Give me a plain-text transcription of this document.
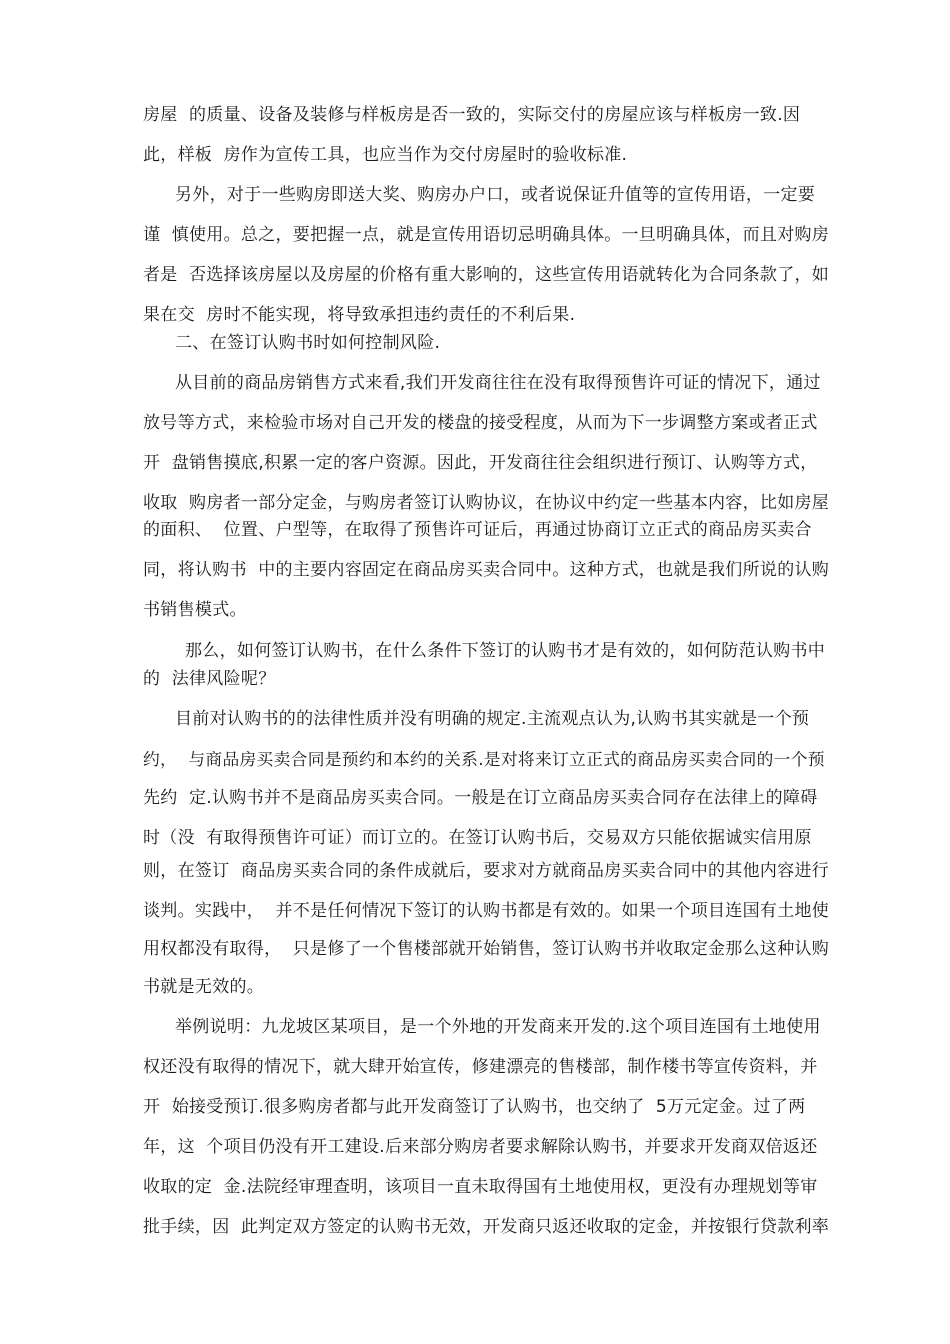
房屋  的质量、设备及装修与样板房是否一致的，实际交付的房屋应该与样板房一致.因
此，样板  房作为宣传工具，也应当作为交付房屋时的验收标准.
另外，对于一些购房即送大奖、购房办户口，或者说保证升值等的宣传用语，一定要
谨  慎使用。总之，要把握一点，就是宣传用语切忌明确具体。一旦明确具体，而且对购房
者是  否选择该房屋以及房屋的价格有重大影响的，这些宣传用语就转化为合同条款了，如
果在交  房时不能实现，将导致承担违约责任的不利后果.
二、在签订认购书时如何控制风险.
从目前的商品房销售方式来看,我们开发商往往在没有取得预售许可证的情况下，通过
放号等方式，来检验市场对自己开发的楼盘的接受程度，从而为下一步调整方案或者正式
开  盘销售摸底,积累一定的客户资源。因此，开发商往往会组织进行预订、认购等方式，
收取  购房者一部分定金，与购房者签订认购协议，在协议中约定一些基本内容，比如房屋
的面积、  位置、户型等，在取得了预售许可证后，再通过协商订立正式的商品房买卖合
同，将认购书  中的主要内容固定在商品房买卖合同中。这种方式，也就是我们所说的认购
书销售模式。
那么，如何签订认购书，在什么条件下签订的认购书才是有效的，如何防范认购书中
的  法律风险呢？
目前对认购书的的法律性质并没有明确的规定.主流观点认为,认购书其实就是一个预
约，  与商品房买卖合同是预约和本约的关系.是对将来订立正式的商品房买卖合同的一个预
先约  定.认购书并不是商品房买卖合同。一般是在订立商品房买卖合同存在法律上的障碍
时（没  有取得预售许可证）而订立的。在签订认购书后，交易双方只能依据诚实信用原
则，在签订  商品房买卖合同的条件成就后，要求对方就商品房买卖合同中的其他内容进行
谈判。实践中，  并不是任何情况下签订的认购书都是有效的。如果一个项目连国有土地使
用权都没有取得，  只是修了一个售楼部就开始销售，签订认购书并收取定金那么这种认购
书就是无效的。
举例说明：九龙坡区某项目，是一个外地的开发商来开发的.这个项目连国有土地使用
权还没有取得的情况下，就大肆开始宣传，修建漂亮的售楼部，制作楼书等宣传资料，并
开  始接受预订.很多购房者都与此开发商签订了认购书，也交纳了  5万元定金。过了两
年，这  个项目仍没有开工建设.后来部分购房者要求解除认购书，并要求开发商双倍返还
收取的定  金.法院经审理查明，该项目一直未取得国有土地使用权，更没有办理规划等审
批手续，因  此判定双方签定的认购书无效，开发商只返还收取的定金，并按银行贷款利率
